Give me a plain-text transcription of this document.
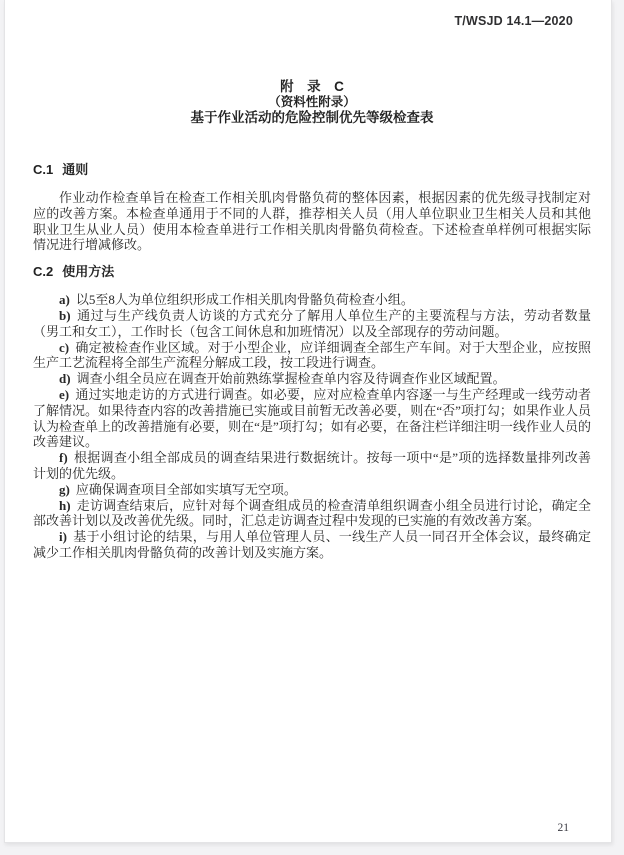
T/WSJD 14.1—2020
附　录　C
（资料性附录）
基于作业活动的危险控制优先等级检查表
C.1 通则

作业动作检查单旨在检查工作相关肌肉骨骼负荷的整体因素，根据因素的优先级寻找制定对应的改善方案。本检查单通用于不同的人群，推荐相关人员（用人单位职业卫生相关人员和其他职业卫生从业人员）使用本检查单进行工作相关肌肉骨骼负荷检查。下述检查单样例可根据实际情况进行增减修改。

C.2 使用方法

a) 以5至8人为单位组织形成工作相关肌肉骨骼负荷检查小组。

b) 通过与生产线负责人访谈的方式充分了解用人单位生产的主要流程与方法，劳动者数量（男工和女工），工作时长（包含工间休息和加班情况）以及全部现存的劳动问题。

c) 确定被检查作业区域。对于小型企业，应详细调查全部生产车间。对于大型企业，应按照生产工艺流程将全部生产流程分解成工段，按工段进行调查。

d) 调查小组全员应在调查开始前熟练掌握检查单内容及待调查作业区域配置。

e) 通过实地走访的方式进行调查。如必要，应对应检查单内容逐一与生产经理或一线劳动者了解情况。如果待查内容的改善措施已实施或目前暂无改善必要，则在“否”项打勾；如果作业人员认为检查单上的改善措施有必要，则在“是”项打勾；如有必要，在备注栏详细注明一线作业人员的改善建议。

f) 根据调查小组全部成员的调查结果进行数据统计。按每一项中“是”项的选择数量排列改善计划的优先级。

g) 应确保调查项目全部如实填写无空项。

h) 走访调查结束后，应针对每个调查组成员的检查清单组织调查小组全员进行讨论，确定全部改善计划以及改善优先级。同时，汇总走访调查过程中发现的已实施的有效改善方案。

i) 基于小组讨论的结果，与用人单位管理人员、一线生产人员一同召开全体会议，最终确定减少工作相关肌肉骨骼负荷的改善计划及实施方案。

21
